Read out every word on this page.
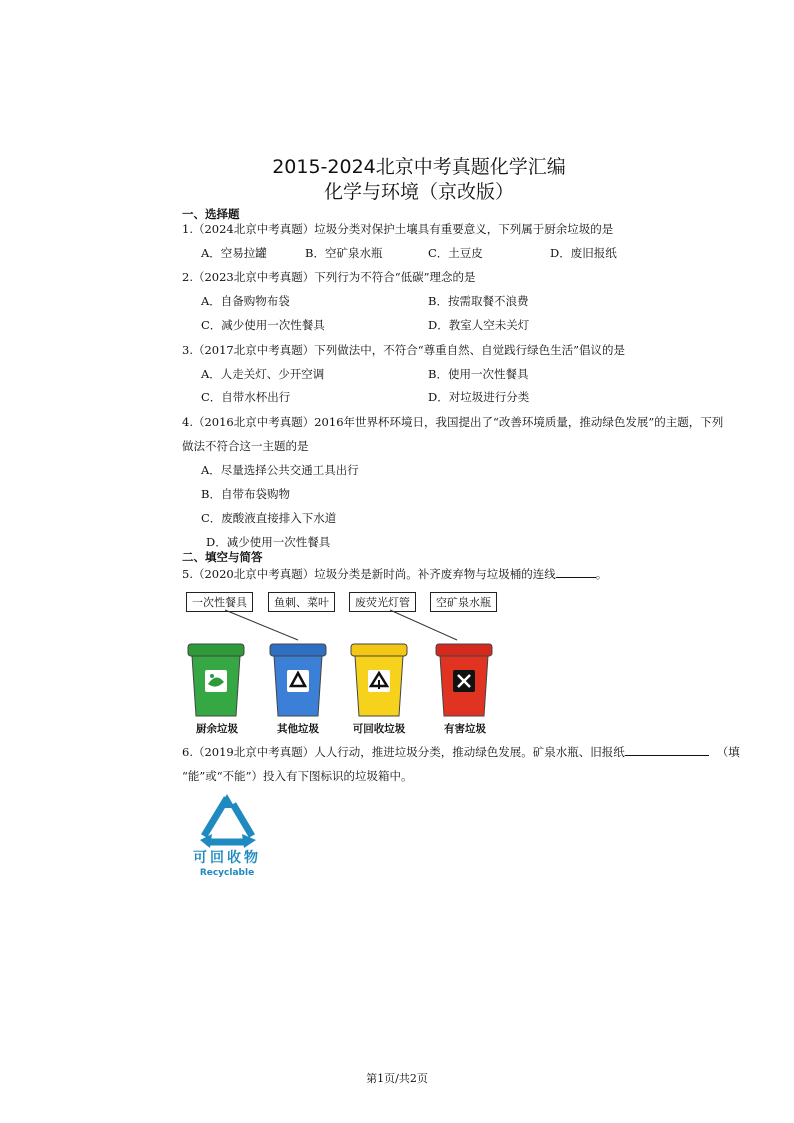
2015-2024北京中考真题化学汇编
化学与环境（京改版）
一、选择题
1.（2024北京中考真题）垃圾分类对保护土壤具有重要意义，下列属于厨余垃圾的是
A．空易拉罐	B．空矿泉水瓶	C．土豆皮	D．废旧报纸
2.（2023北京中考真题）下列行为不符合“低碳”理念的是
A．自备购物布袋	B．按需取餐不浪费
C．减少使用一次性餐具	D．教室人空未关灯
3.（2017北京中考真题）下列做法中，不符合“尊重自然、自觉践行绿色生活”倡议的是
A．人走关灯、少开空调	B．使用一次性餐具
C．自带水杯出行	D．对垃圾进行分类
4.（2016北京中考真题）2016年世界杯环境日，我国提出了“改善环境质量，推动绿色发展”的主题，下列
做法不符合这一主题的是
A．尽量选择公共交通工具出行
B．自带布袋购物
C．废酸液直接排入下水道
D．减少使用一次性餐具
二、填空与简答
5.（2020北京中考真题）垃圾分类是新时尚。补齐废弃物与垃圾桶的连线	。
一次性餐具	鱼刺、菜叶	废荧光灯管	空矿泉水瓶
厨余垃圾	其他垃圾	可回收垃圾	有害垃圾
6.（2019北京中考真题）人人行动，推进垃圾分类，推动绿色发展。矿泉水瓶、旧报纸	（填
“能”或“不能”）投入有下图标识的垃圾箱中。
可回收物
Recyclable
第1页/共2页
